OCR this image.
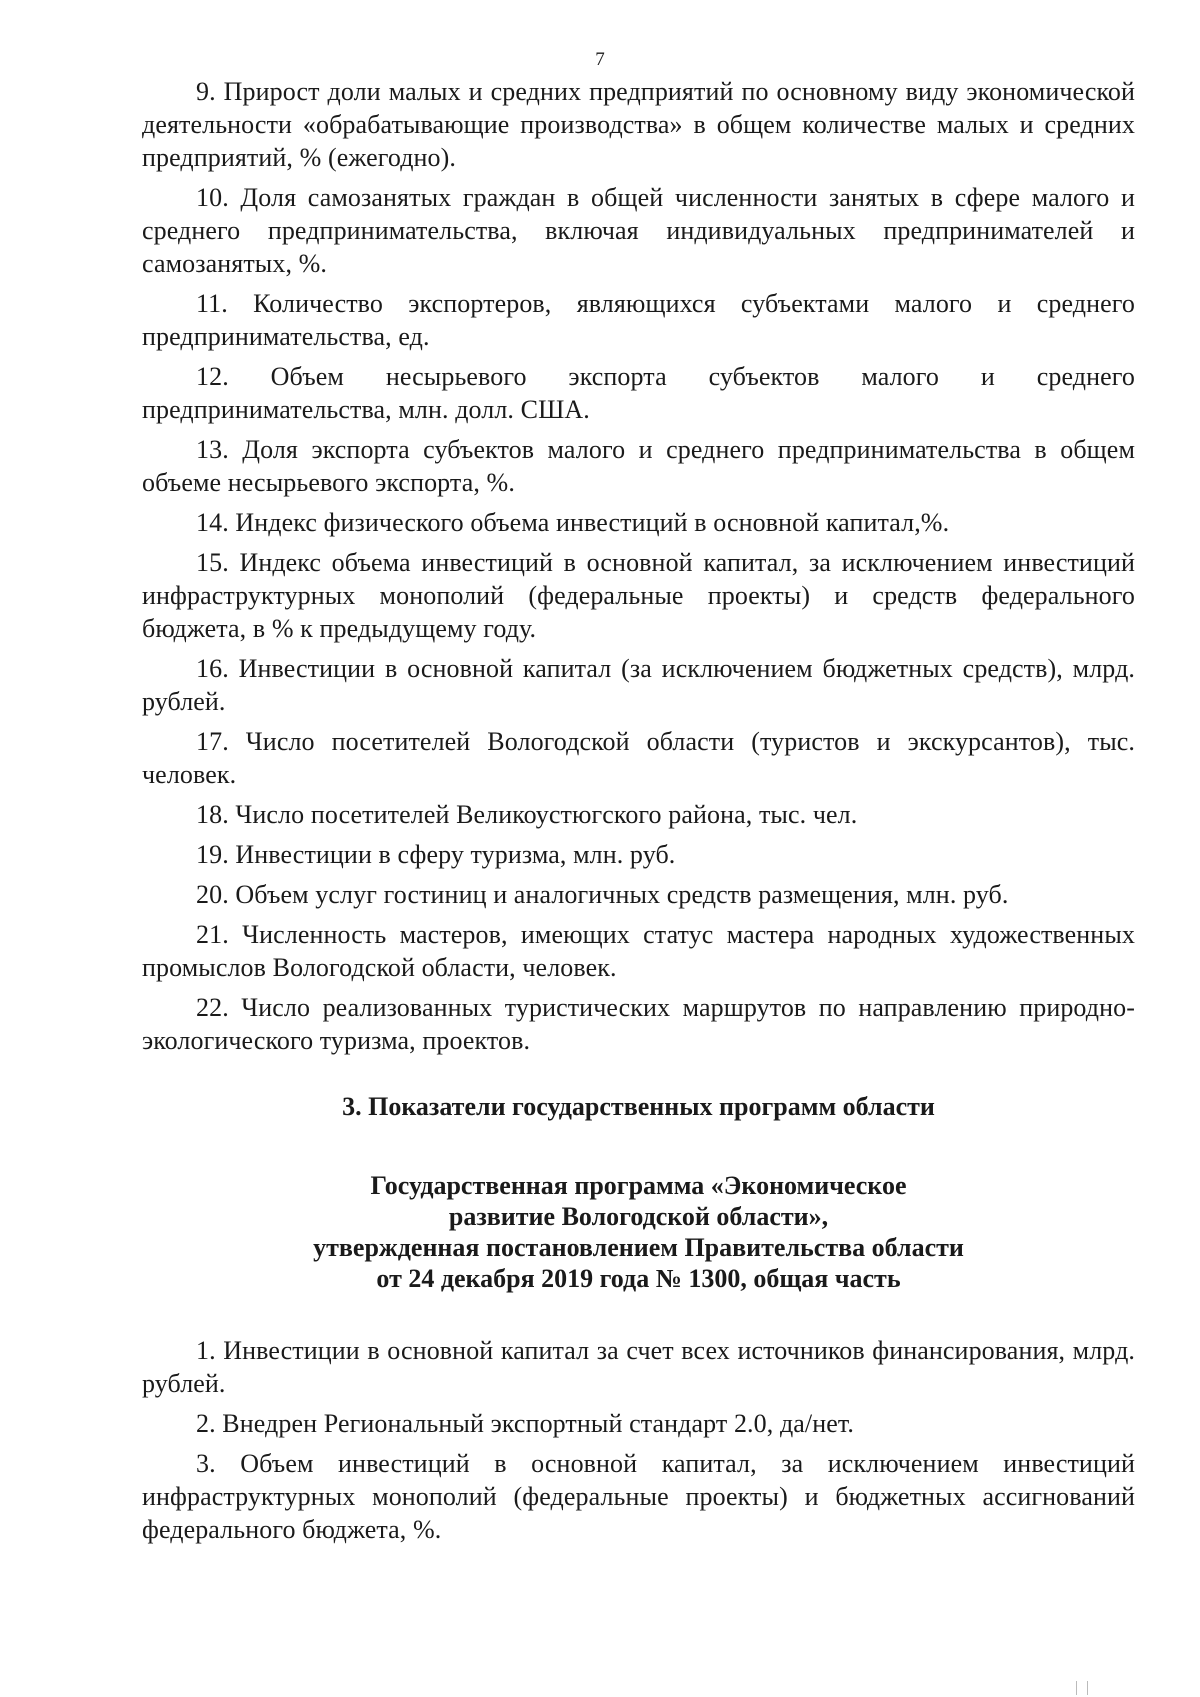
7

9. Прирост доли малых и средних предприятий по основному виду экономической деятельности «обрабатывающие производства» в общем количестве малых и средних предприятий, % (ежегодно).

10. Доля самозанятых граждан в общей численности занятых в сфере малого и среднего предпринимательства, включая индивидуальных предпринимателей и самозанятых, %.

11. Количество экспортеров, являющихся субъектами малого и среднего предпринимательства, ед.

12. Объем несырьевого экспорта субъектов малого и среднего предпринимательства, млн. долл. США.

13. Доля экспорта субъектов малого и среднего предпринимательства в общем объеме несырьевого экспорта, %.

14. Индекс физического объема инвестиций в основной капитал,%.

15. Индекс объема инвестиций в основной капитал, за исключением инвестиций инфраструктурных монополий (федеральные проекты) и средств федерального бюджета, в % к предыдущему году.

16. Инвестиции в основной капитал (за исключением бюджетных средств), млрд. рублей.

17. Число посетителей Вологодской области (туристов и экскурсантов), тыс. человек.

18. Число посетителей Великоустюгского района, тыс. чел.

19. Инвестиции в сферу туризма, млн. руб.

20. Объем услуг гостиниц и аналогичных средств размещения, млн. руб.

21. Численность мастеров, имеющих статус мастера народных художественных промыслов Вологодской области, человек.

22. Число реализованных туристических маршрутов по направлению природно-экологического туризма, проектов.

3. Показатели государственных программ области
Государственная программа «Экономическое
развитие Вологодской области»,
утвержденная постановлением Правительства области
от 24 декабря 2019 года № 1300, общая часть

1. Инвестиции в основной капитал за счет всех источников финансирования, млрд. рублей.

2. Внедрен Региональный экспортный стандарт 2.0, да/нет.

3. Объем инвестиций в основной капитал, за исключением инвестиций инфраструктурных монополий (федеральные проекты) и бюджетных ассигнований федерального бюджета, %.
